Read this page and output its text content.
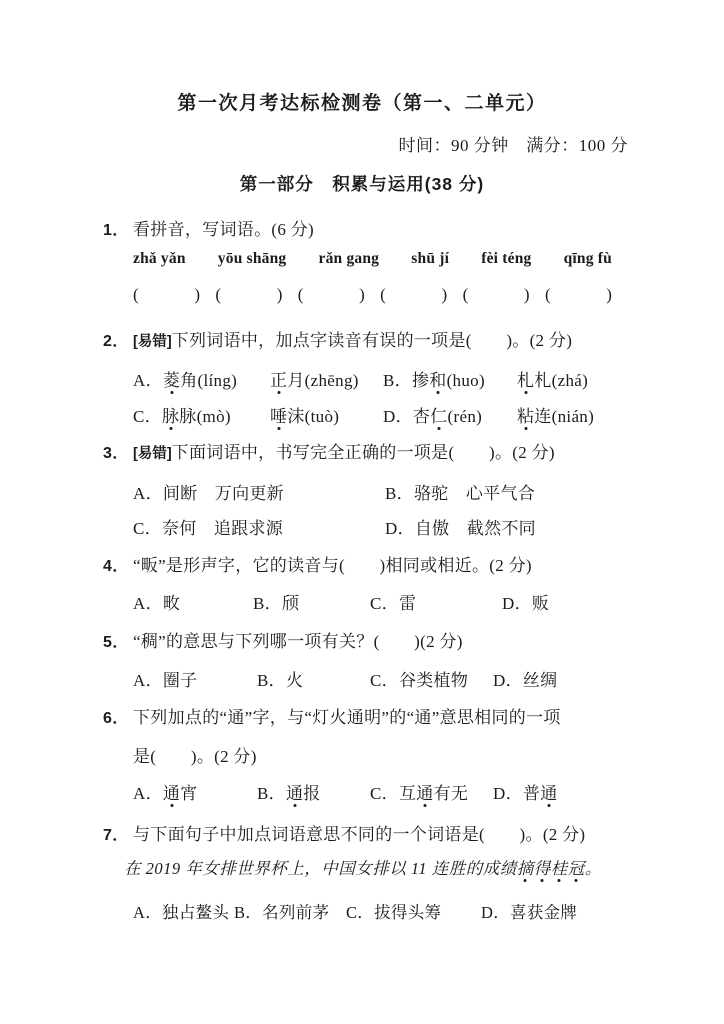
第一次月考达标检测卷（第一、二单元）
时间：90 分钟　满分：100 分
第一部分　积累与运用(38 分)
1． 看拼音，写词语。(6 分)
zhǎ yǎn yōu shāng rǎn gang shū jí fèi téng qīng fù
(	) (	) (	) (	) (	) (	)
2． [易错]下列词语中，加点字读音有误的一项是(　　)。(2 分)
A．菱角(líng)	正月(zhēng)	B．掺和(huo)	札札(zhá)
C．脉脉(mò)	唾沫(tuò)	D．杏仁(rén)	粘连(nián)
3． [易错]下面词语中，书写完全正确的一项是(　　)。(2 分)
A．间断　万向更新	B．骆驼　心平气合
C．奈何　追跟求源	D．自傲　截然不同
4． “畈”是形声字，它的读音与(　　)相同或相近。(2 分)
A．畋	B．颀	C．雷	D．贩
5． “稠”的意思与下列哪一项有关？(　　)(2 分)
A．圈子	B．火	C．谷类植物	D．丝绸
6． 下列加点的“通”字，与“灯火通明”的“通”意思相同的一项
是(　　)。(2 分)
A．通宵	B．通报	C．互通有无	D．普通
7． 与下面句子中加点词语意思不同的一个词语是(　　)。(2 分)
在 2019 年女排世界杯上，中国女排以 11 连胜的成绩摘得桂冠。
A．独占鳌头 B．名列前茅	C．拔得头筹	D．喜获金牌
